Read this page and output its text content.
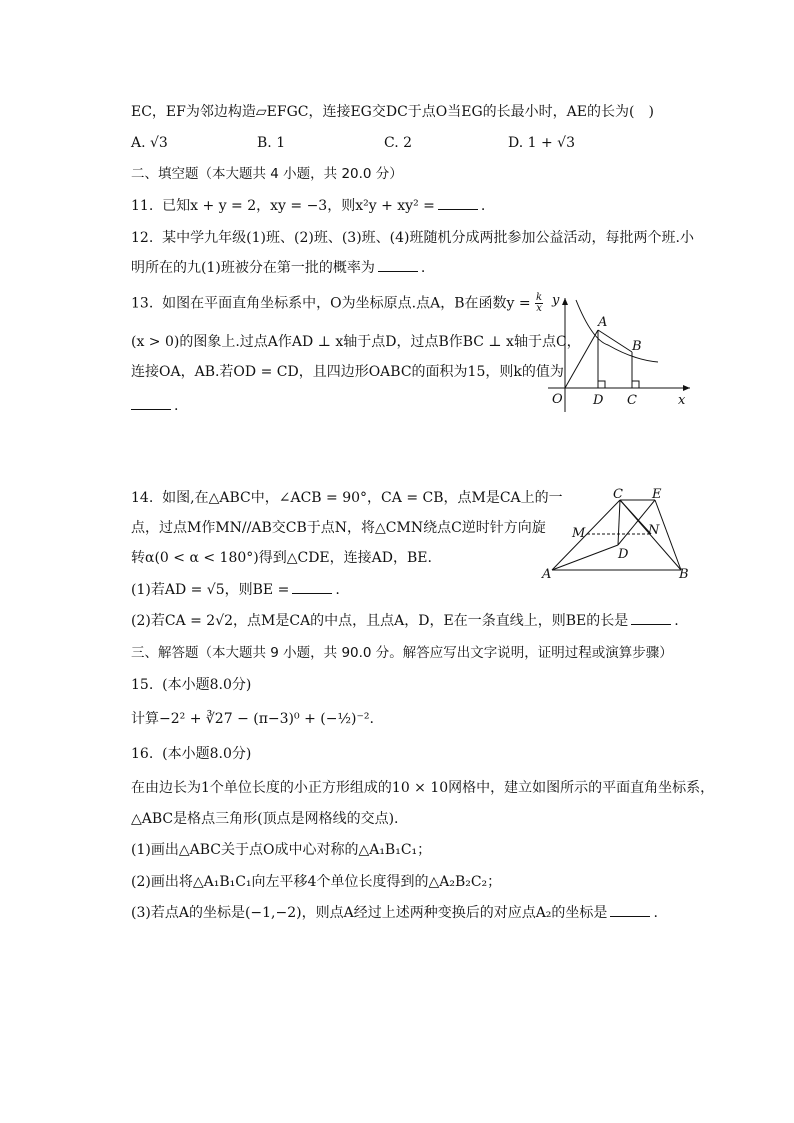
EC，EF为邻边构造▱EFGC，连接EG交DC于点O当EG的长最小时，AE的长为(　)
A. √3	B. 1	C. 2	D. 1 + √3
二、填空题（本大题共 4 小题，共 20.0 分）
11. 已知x + y = 2，xy = −3，则x²y + xy² =	.
12. 某中学九年级(1)班、(2)班、(3)班、(4)班随机分成两批参加公益活动，每批两个班.小
明所在的九(1)班被分在第一批的概率为	.
13. 如图在平面直角坐标系中，O为坐标原点.点A，B在函数$y = \frac{k}{x}$
(x > 0)的图象上.过点A作AD ⊥ x轴于点D，过点B作BC ⊥ x轴于点C，
连接OA，AB.若OD = CD，且四边形OABC的面积为15，则k的值为
.
y
x
O
A
B
D C
14. 如图,在△ABC中，∠ACB = 90°，CA = CB，点M是CA上的一
点，过点M作MN//AB交CB于点N，将△CMN绕点C逆时针方向旋
转α(0 < α < 180°)得到△CDE，连接AD，BE.
(1)若AD = √5，则BE =	.
(2)若CA = 2√2，点M是CA的中点，且点A，D，E在一条直线上，则BE的长是	.
C E
M	N
D
A	B
三、解答题（本大题共 9 小题，共 90.0 分。解答应写出文字说明，证明过程或演算步骤）
15. (本小题8.0分)
计算−2² + ∛27 − (π−3)⁰ + (−½)⁻².
16. (本小题8.0分)
在由边长为1个单位长度的小正方形组成的10 × 10网格中，建立如图所示的平面直角坐标系，
△ABC是格点三角形(顶点是网格线的交点).
(1)画出△ABC关于点O成中心对称的△A₁B₁C₁；
(2)画出将△A₁B₁C₁向左平移4个单位长度得到的△A₂B₂C₂；
(3)若点A的坐标是(−1,−2)，则点A经过上述两种变换后的对应点A₂的坐标是	.
